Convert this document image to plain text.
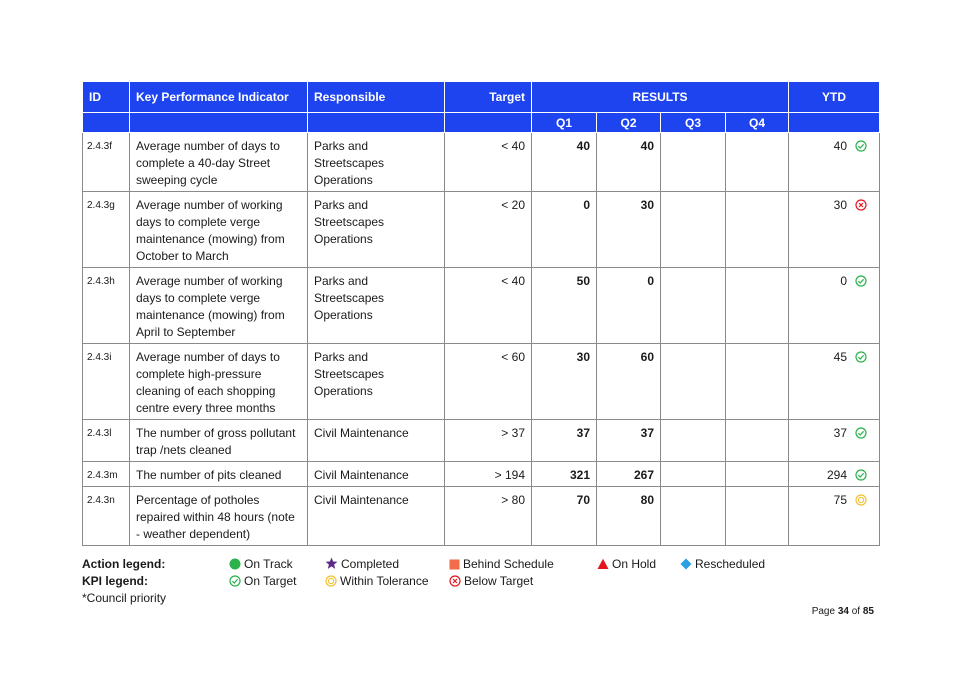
ID	Key Performance Indicator	Responsible	Target	RESULTS				YTD
				Q1	Q2	Q3	Q4	
2.4.3f	Average number of days to complete a 40-day Street sweeping cycle	Parks and Streetscapes Operations	< 40	40	40			40
2.4.3g	Average number of working days to complete verge maintenance (mowing) from October to March	Parks and Streetscapes Operations	< 20	0	30			30
2.4.3h	Average number of working days to complete verge maintenance (mowing) from April to September	Parks and Streetscapes Operations	< 40	50	0			0
2.4.3i	Average number of days to complete high-pressure cleaning of each shopping centre every three months	Parks and Streetscapes Operations	< 60	30	60			45
2.4.3l	The number of gross pollutant trap /nets cleaned	Civil Maintenance	> 37	37	37			37
2.4.3m	The number of pits cleaned	Civil Maintenance	> 194	321	267			294
2.4.3n	Percentage of potholes repaired within 48 hours (note - weather dependent)	Civil Maintenance	> 80	70	80			75
Action legend:
KPI legend:
*Council priority
On Track	Completed	Behind Schedule	On Hold	Rescheduled
On Target	Within Tolerance	Below Target
Page 34 of 85
